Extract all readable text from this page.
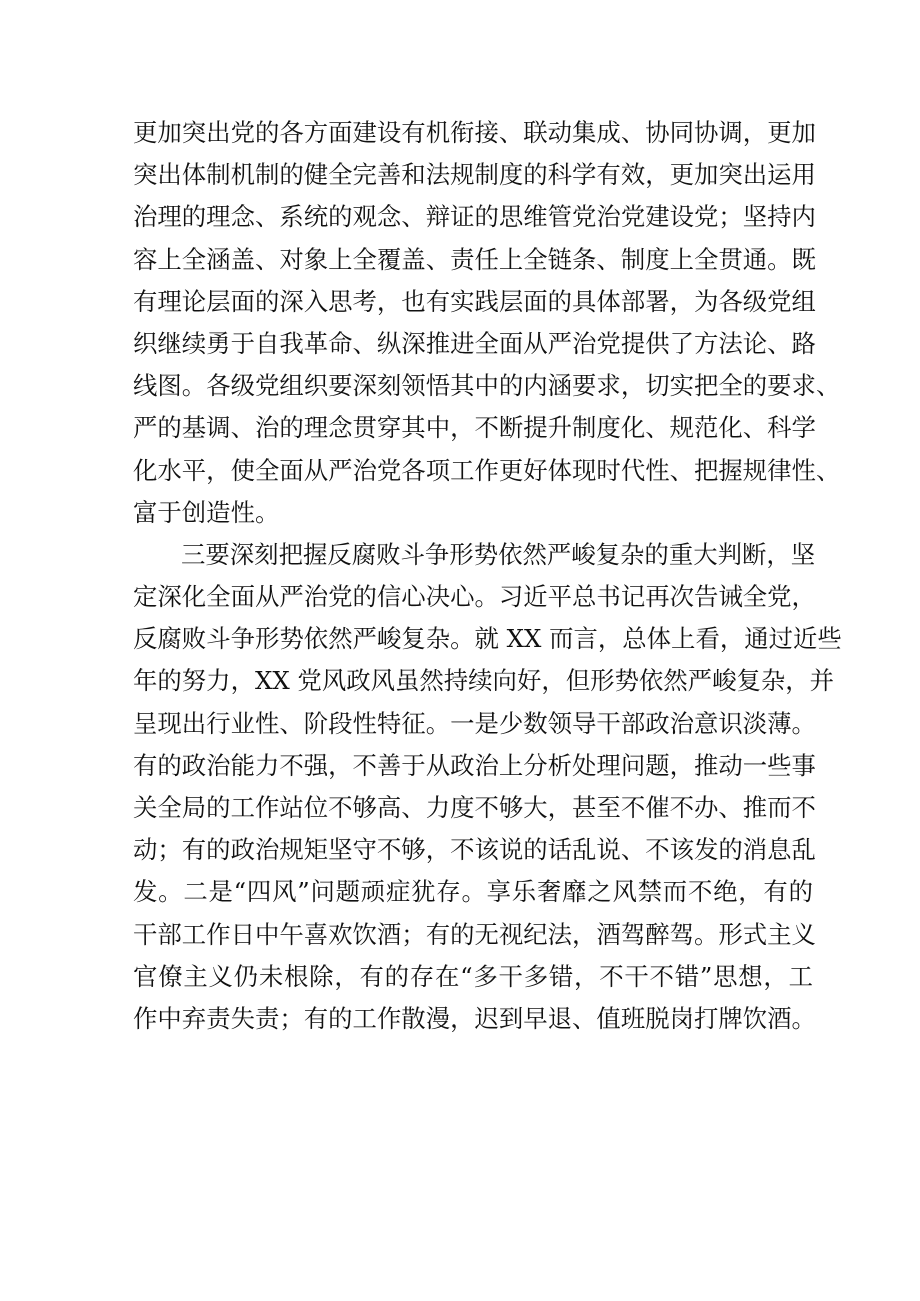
更加突出党的各方面建设有机衔接、联动集成、协同协调，更加
突出体制机制的健全完善和法规制度的科学有效，更加突出运用
治理的理念、系统的观念、辩证的思维管党治党建设党；坚持内
容上全涵盖、对象上全覆盖、责任上全链条、制度上全贯通。既
有理论层面的深入思考，也有实践层面的具体部署，为各级党组
织继续勇于自我革命、纵深推进全面从严治党提供了方法论、路
线图。各级党组织要深刻领悟其中的内涵要求，切实把全的要求、
严的基调、治的理念贯穿其中，不断提升制度化、规范化、科学
化水平，使全面从严治党各项工作更好体现时代性、把握规律性、
富于创造性。
三要深刻把握反腐败斗争形势依然严峻复杂的重大判断，坚
定深化全面从严治党的信心决心。习近平总书记再次告诫全党，
反腐败斗争形势依然严峻复杂。就 XX 而言，总体上看，通过近些
年的努力，XX 党风政风虽然持续向好，但形势依然严峻复杂，并
呈现出行业性、阶段性特征。一是少数领导干部政治意识淡薄。
有的政治能力不强，不善于从政治上分析处理问题，推动一些事
关全局的工作站位不够高、力度不够大，甚至不催不办、推而不
动；有的政治规矩坚守不够，不该说的话乱说、不该发的消息乱
发。二是“四风”问题顽症犹存。享乐奢靡之风禁而不绝，有的
干部工作日中午喜欢饮酒；有的无视纪法，酒驾醉驾。形式主义
官僚主义仍未根除，有的存在“多干多错，不干不错”思想，工
作中弃责失责；有的工作散漫，迟到早退、值班脱岗打牌饮酒。
